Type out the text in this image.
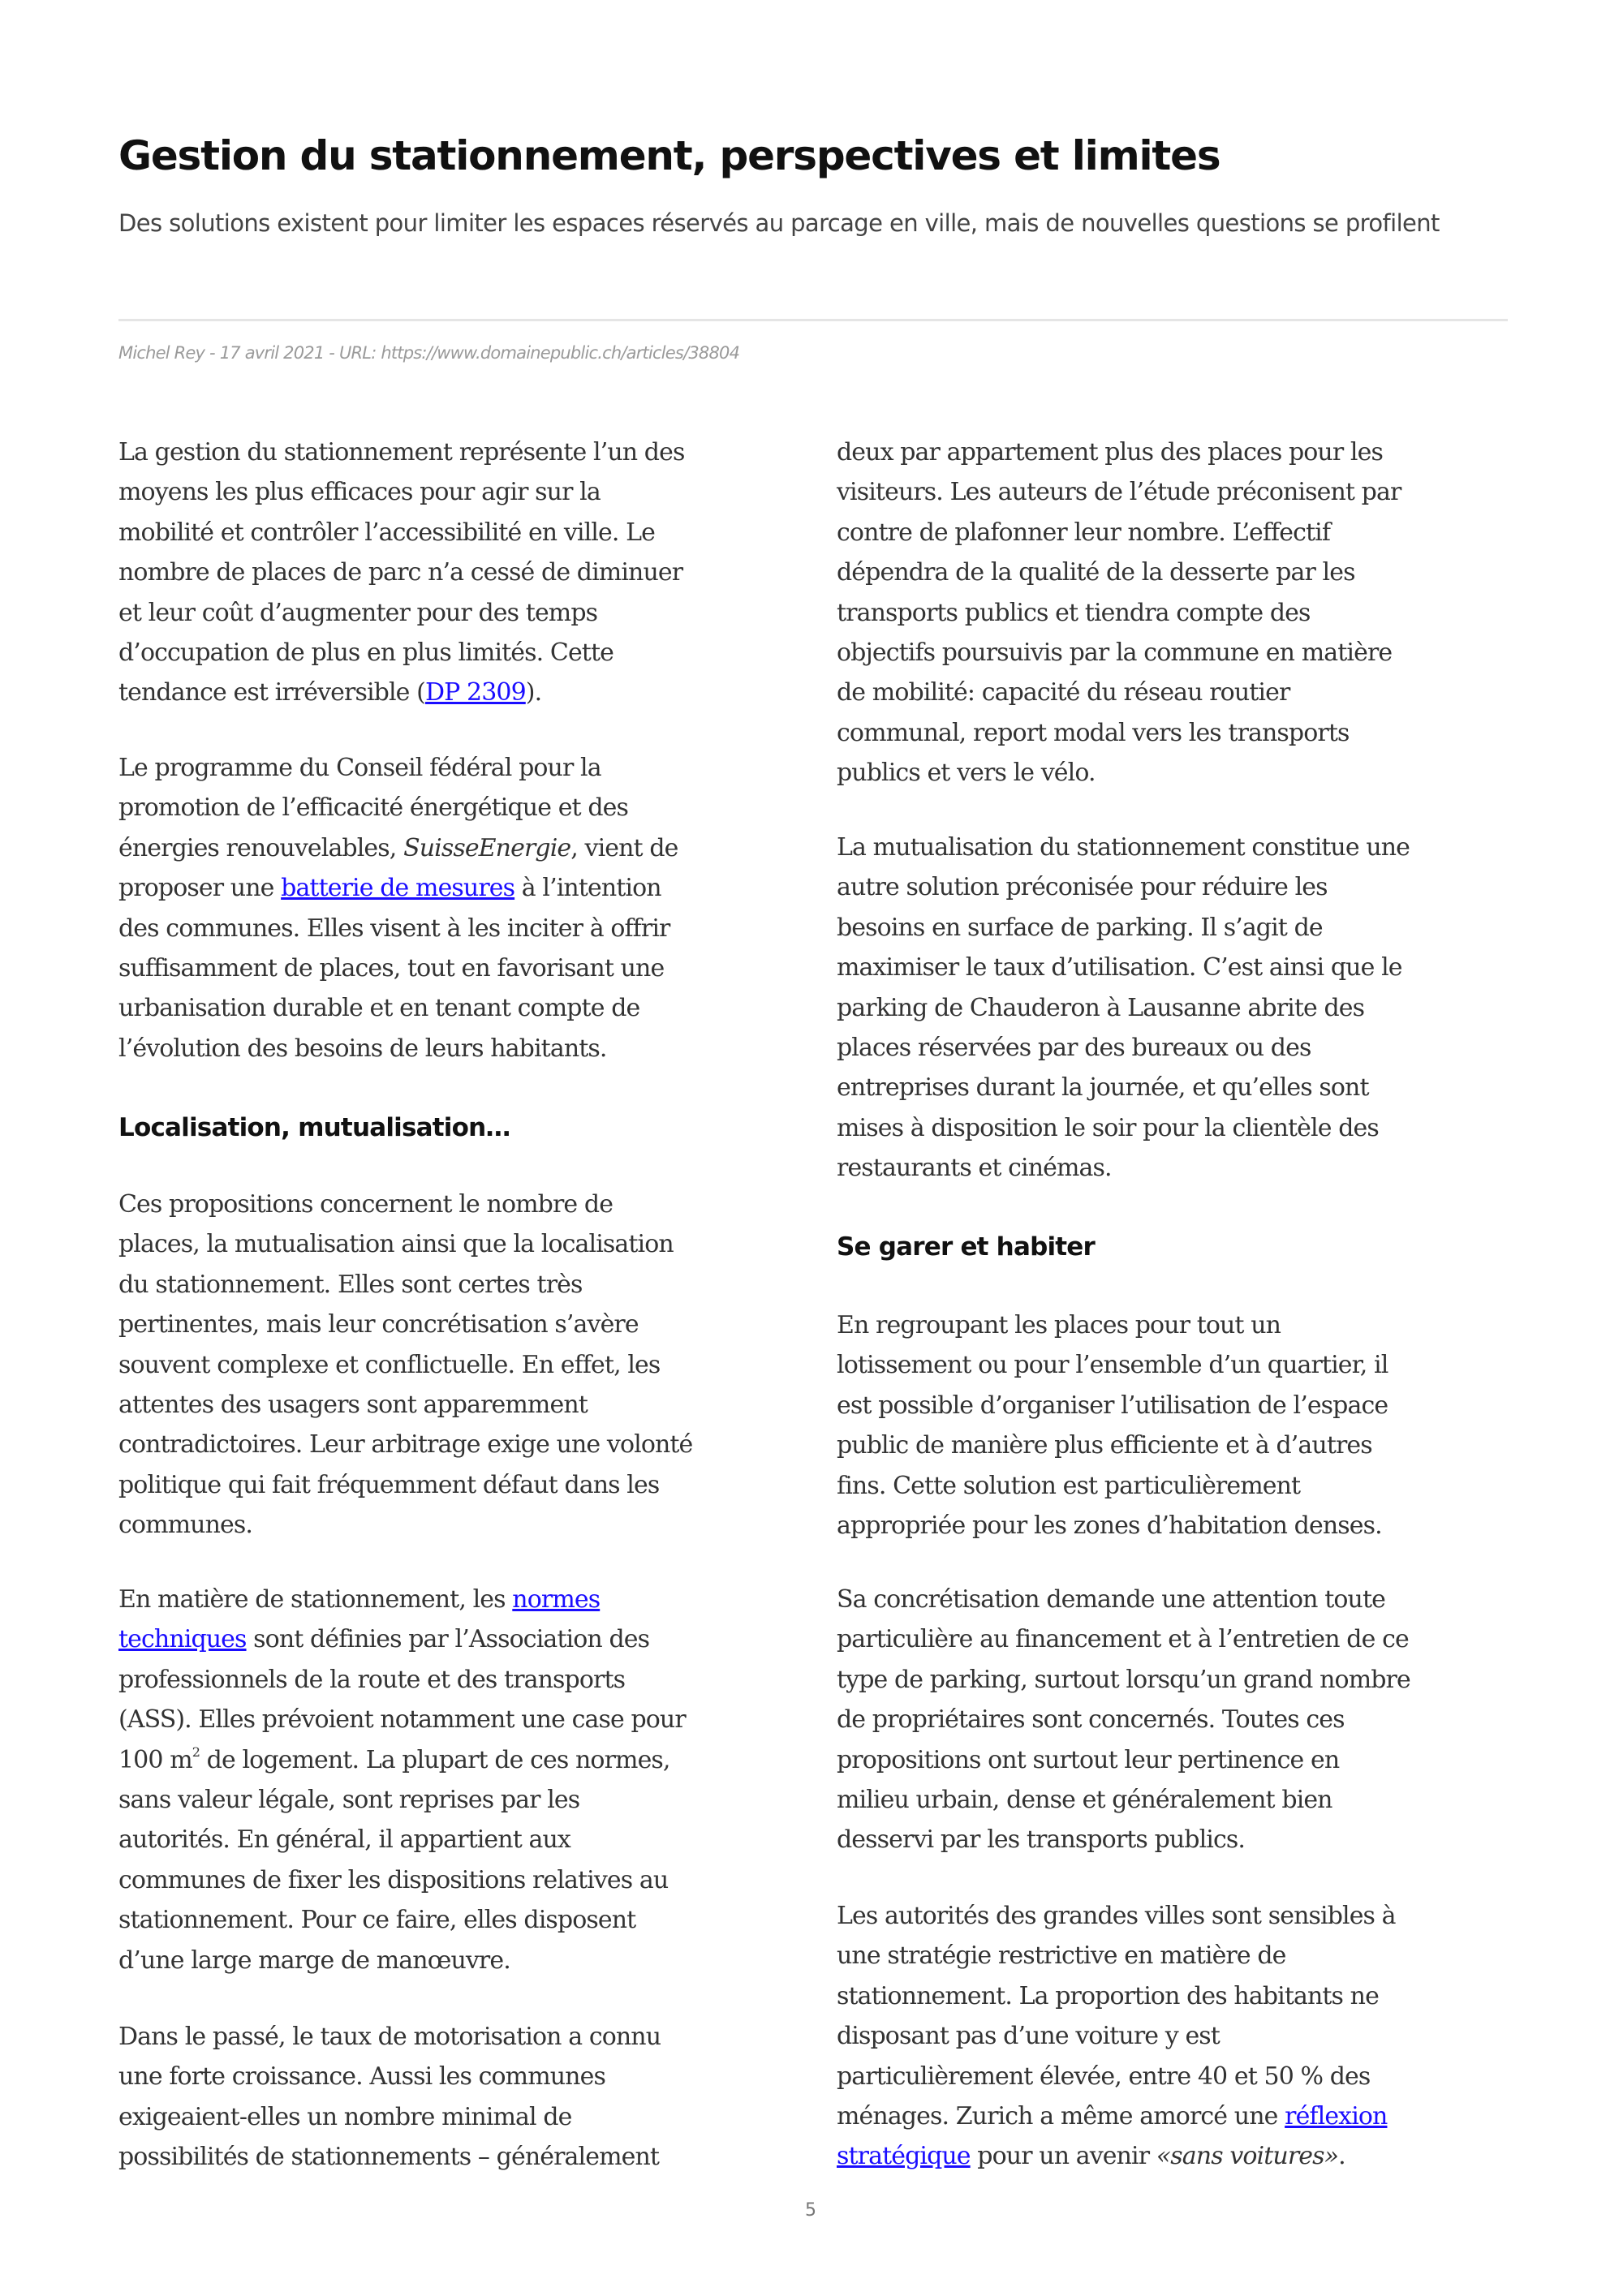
Gestion du stationnement, perspectives et limites
Des solutions existent pour limiter les espaces réservés au parcage en ville, mais de nouvelles questions se profilent
Michel Rey - 17 avril 2021 - URL: https://www.domainepublic.ch/articles/38804
La gestion du stationnement représente l’un des
moyens les plus efficaces pour agir sur la
mobilité et contrôler l’accessibilité en ville. Le
nombre de places de parc n’a cessé de diminuer
et leur coût d’augmenter pour des temps
d’occupation de plus en plus limités. Cette
tendance est irréversible (DP 2309).
Le programme du Conseil fédéral pour la
promotion de l’efficacité énergétique et des
énergies renouvelables, SuisseEnergie, vient de
proposer une batterie de mesures à l’intention
des communes. Elles visent à les inciter à offrir
suffisamment de places, tout en favorisant une
urbanisation durable et en tenant compte de
l’évolution des besoins de leurs habitants.
Localisation, mutualisation…
Ces propositions concernent le nombre de
places, la mutualisation ainsi que la localisation
du stationnement. Elles sont certes très
pertinentes, mais leur concrétisation s’avère
souvent complexe et conflictuelle. En effet, les
attentes des usagers sont apparemment
contradictoires. Leur arbitrage exige une volonté
politique qui fait fréquemment défaut dans les
communes.
En matière de stationnement, les normes
techniques sont définies par l’Association des
professionnels de la route et des transports
(ASS). Elles prévoient notamment une case pour
100 $m^2$ de logement. La plupart de ces normes,
sans valeur légale, sont reprises par les
autorités. En général, il appartient aux
communes de fixer les dispositions relatives au
stationnement. Pour ce faire, elles disposent
d’une large marge de manœuvre.
Dans le passé, le taux de motorisation a connu
une forte croissance. Aussi les communes
exigeaient-elles un nombre minimal de
possibilités de stationnements – généralement
deux par appartement plus des places pour les
visiteurs. Les auteurs de l’étude préconisent par
contre de plafonner leur nombre. L’effectif
dépendra de la qualité de la desserte par les
transports publics et tiendra compte des
objectifs poursuivis par la commune en matière
de mobilité: capacité du réseau routier
communal, report modal vers les transports
publics et vers le vélo.
La mutualisation du stationnement constitue une
autre solution préconisée pour réduire les
besoins en surface de parking. Il s’agit de
maximiser le taux d’utilisation. C’est ainsi que le
parking de Chauderon à Lausanne abrite des
places réservées par des bureaux ou des
entreprises durant la journée, et qu’elles sont
mises à disposition le soir pour la clientèle des
restaurants et cinémas.
Se garer et habiter
En regroupant les places pour tout un
lotissement ou pour l’ensemble d’un quartier, il
est possible d’organiser l’utilisation de l’espace
public de manière plus efficiente et à d’autres
fins. Cette solution est particulièrement
appropriée pour les zones d’habitation denses.
Sa concrétisation demande une attention toute
particulière au financement et à l’entretien de ce
type de parking, surtout lorsqu’un grand nombre
de propriétaires sont concernés. Toutes ces
propositions ont surtout leur pertinence en
milieu urbain, dense et généralement bien
desservi par les transports publics.
Les autorités des grandes villes sont sensibles à
une stratégie restrictive en matière de
stationnement. La proportion des habitants ne
disposant pas d’une voiture y est
particulièrement élevée, entre 40 et 50 % des
ménages. Zurich a même amorcé une réflexion
stratégique pour un avenir «sans voitures».
5
